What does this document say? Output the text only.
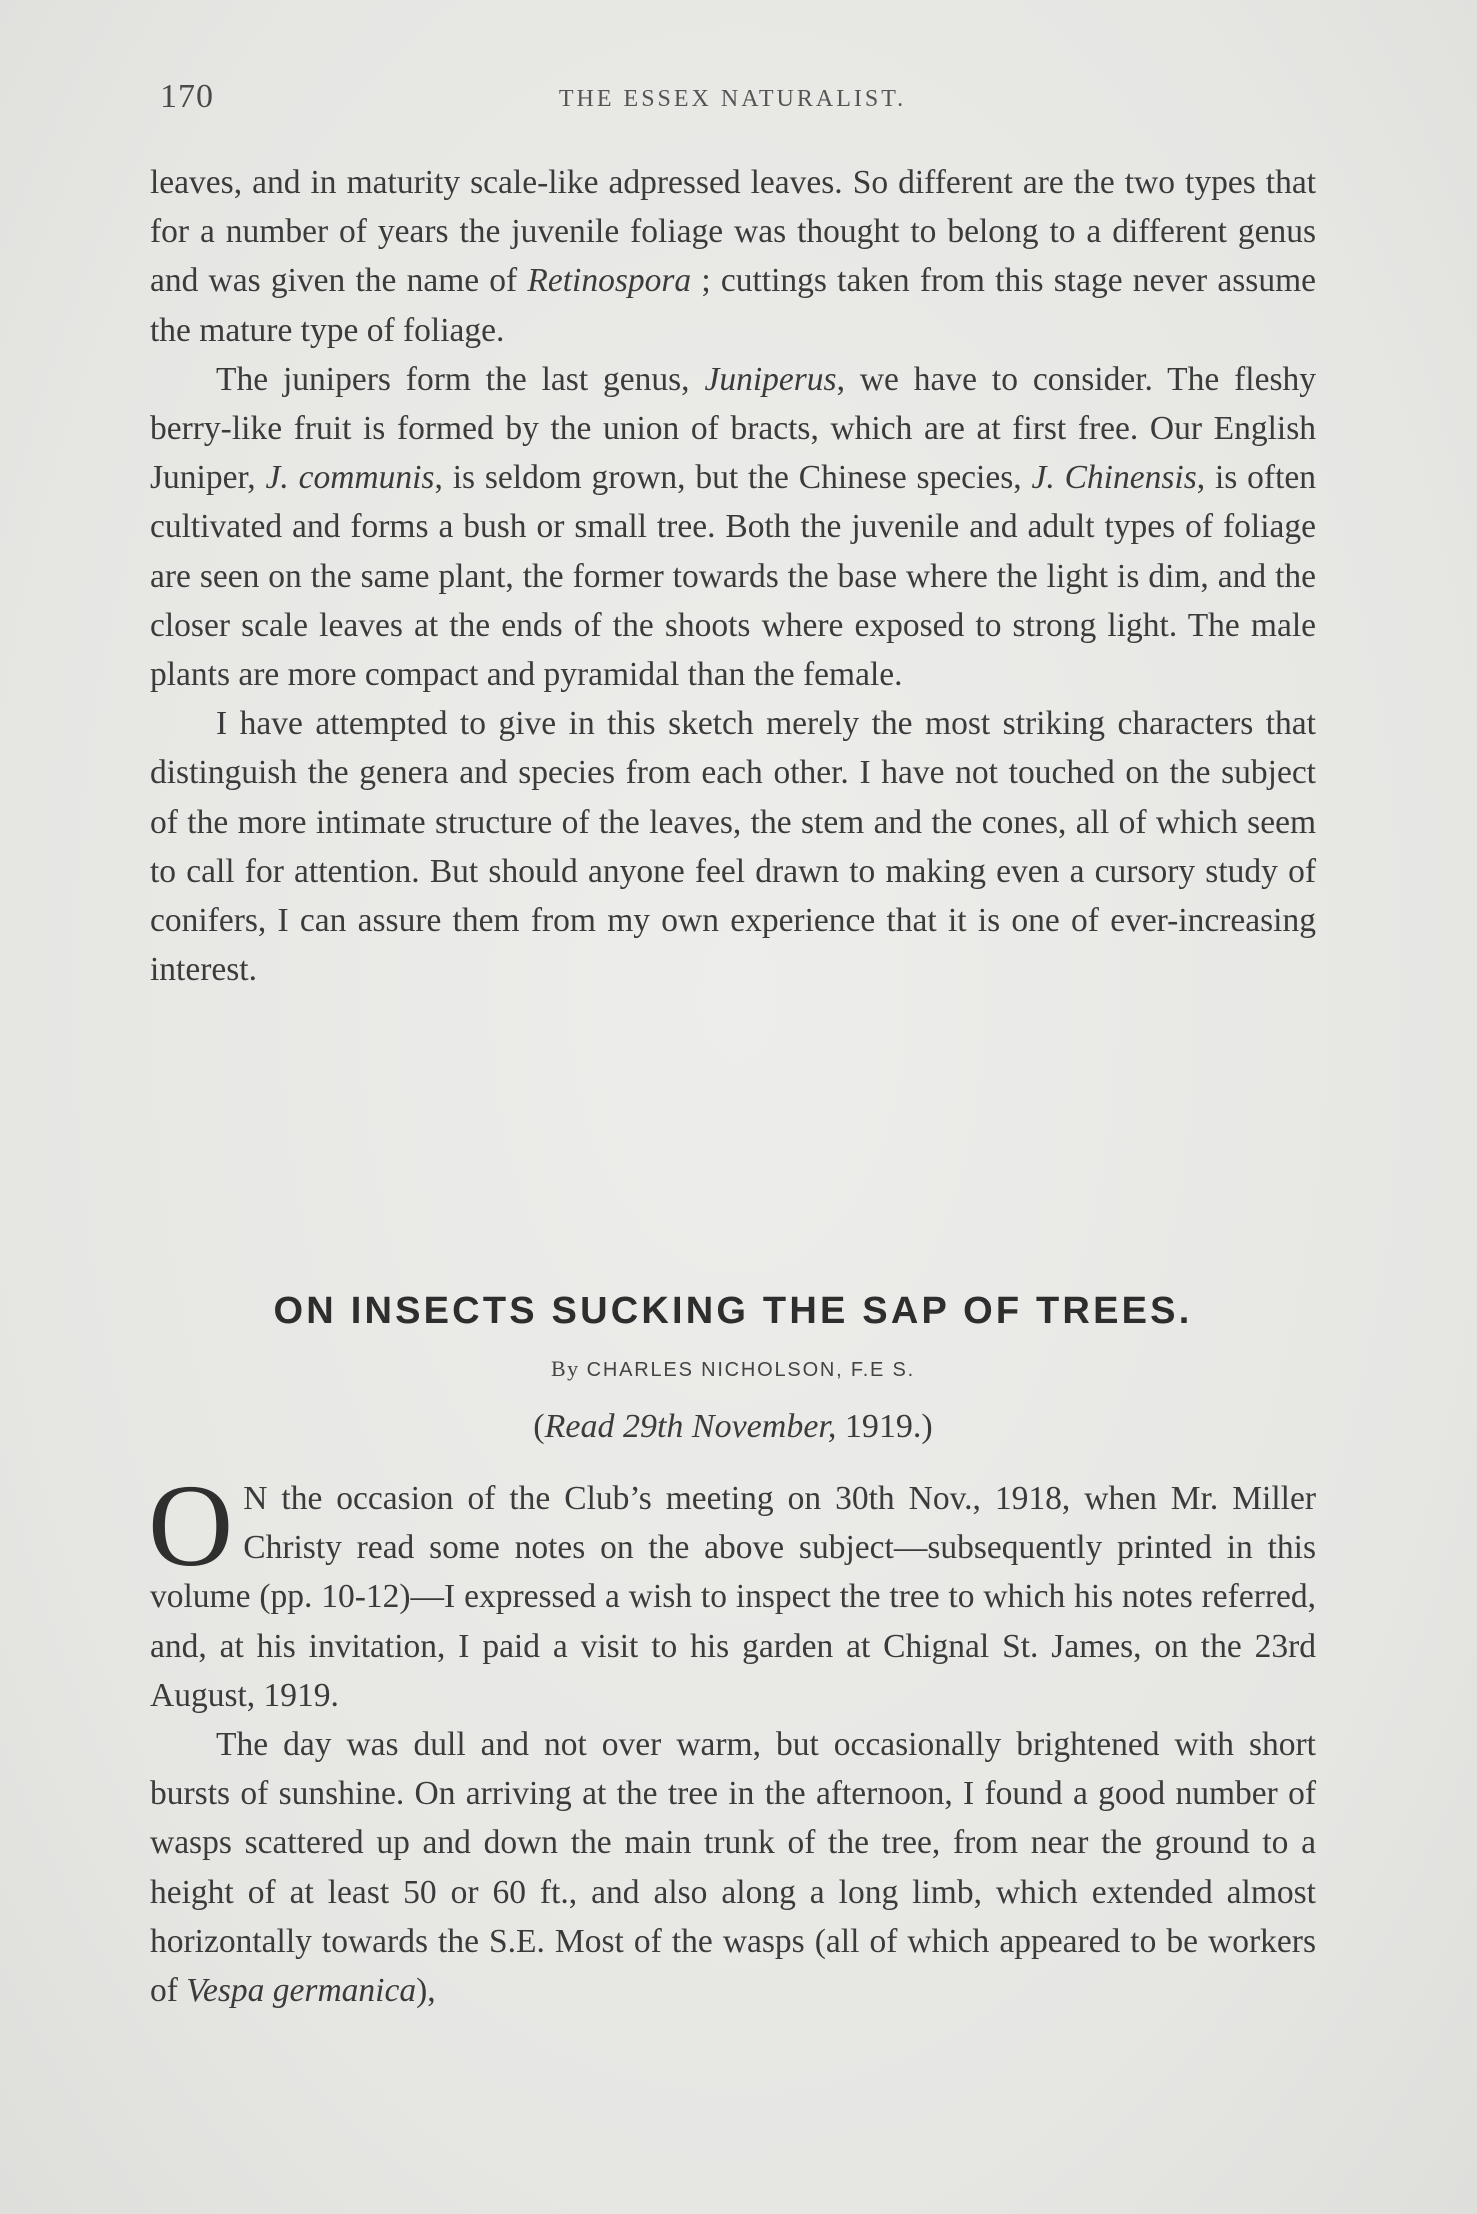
170	THE ESSEX NATURALIST.

leaves, and in maturity scale-like adpressed leaves. So different are the two types that for a number of years the juvenile foliage was thought to belong to a different genus and was given the name of Retinospora ; cuttings taken from this stage never assume the mature type of foliage.

The junipers form the last genus, Juniperus, we have to consider. The fleshy berry-like fruit is formed by the union of bracts, which are at first free. Our English Juniper, J. communis, is seldom grown, but the Chinese species, J. Chinensis, is often cultivated and forms a bush or small tree. Both the juvenile and adult types of foliage are seen on the same plant, the former towards the base where the light is dim, and the closer scale leaves at the ends of the shoots where exposed to strong light. The male plants are more compact and pyramidal than the female.

I have attempted to give in this sketch merely the most striking characters that distinguish the genera and species from each other. I have not touched on the subject of the more intimate structure of the leaves, the stem and the cones, all of which seem to call for attention. But should anyone feel drawn to making even a cursory study of conifers, I can assure them from my own experience that it is one of ever-increasing interest.

ON INSECTS SUCKING THE SAP OF TREES.
By CHARLES NICHOLSON, F.E S.
(Read 29th November, 1919.)

O N the occasion of the Club’s meeting on 30th Nov., 1918, when Mr. Miller Christy read some notes on the above subject—subsequently printed in this volume (pp. 10-12)—I expressed a wish to inspect the tree to which his notes referred, and, at his invitation, I paid a visit to his garden at Chignal St. James, on the 23rd August, 1919.

The day was dull and not over warm, but occasionally brightened with short bursts of sunshine. On arriving at the tree in the afternoon, I found a good number of wasps scattered up and down the main trunk of the tree, from near the ground to a height of at least 50 or 60 ft., and also along a long limb, which extended almost horizontally towards the S.E. Most of the wasps (all of which appeared to be workers of Vespa germanica),
